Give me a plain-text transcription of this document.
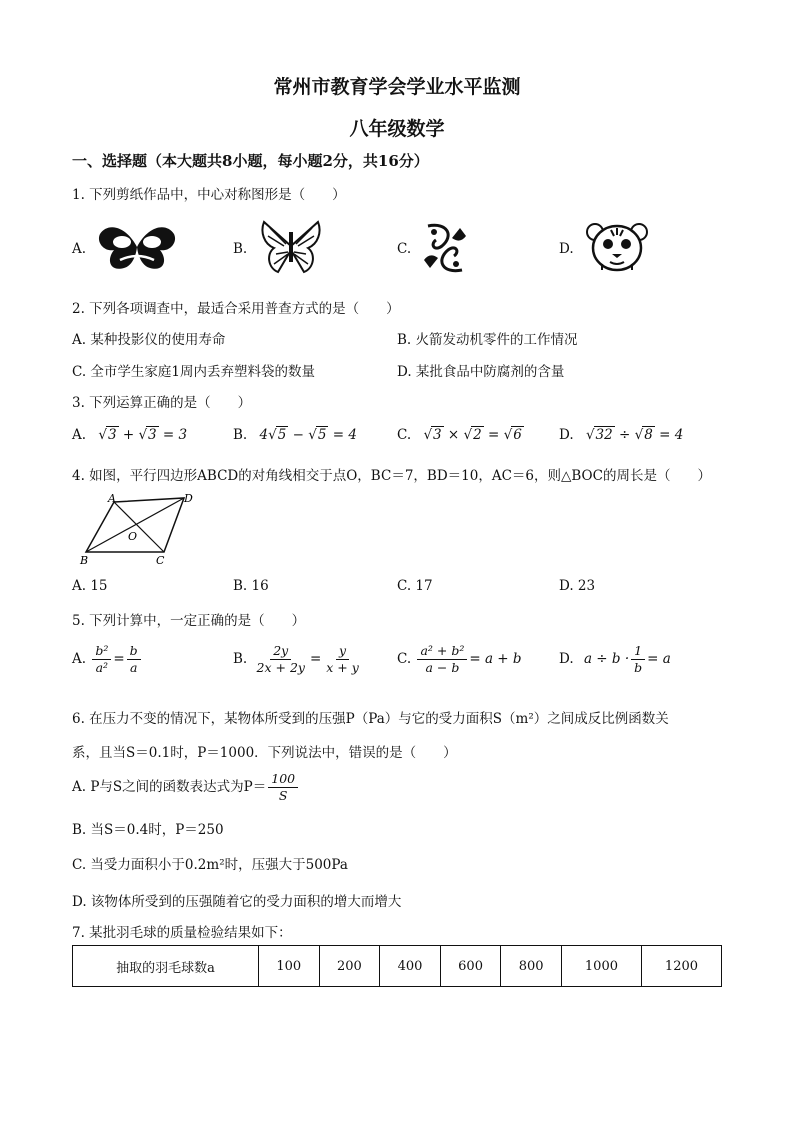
常州市教育学会学业水平监测
八年级数学
一、选择题（本大题共8小题，每小题2分，共16分）
1. 下列剪纸作品中，中心对称图形是（　　）
A.	B.	C.	D.
2. 下列各项调查中，最适合采用普查方式的是（　　）
A. 某种投影仪的使用寿命	B. 火箭发动机零件的工作情况
C. 全市学生家庭1周内丢弃塑料袋的数量	D. 某批食品中防腐剂的含量
3. 下列运算正确的是（　　）
A. √3 + √3 = 3	B. 4√5 − √5 = 4	C. √3 × √2 = √6	D. √32 ÷ √8 = 4
4. 如图，平行四边形ABCD的对角线相交于点O，BC＝7，BD＝10，AC＝6，则△BOC的周长是（　　）
A	D
O
B	C
A. 15	B. 16	C. 17	D. 23
5. 下列计算中，一定正确的是（　　）
A. $\frac{\text{b²}}{\text{a²}} = \frac{b}{a}$	B. $\frac{2y}{2x + 2y} = \frac{y}{x + y}$	C. $\frac{\text{a² + b²}}{a - b} = a + b$	D. $a \div b \cdot \frac{1}{b} = a$
6. 在压力不变的情况下，某物体所受到的压强P（Pa）与它的受力面积S（m²）之间成反比例函数关
系，且当S＝0.1时，P＝1000．下列说法中，错误的是（　　）
A. P与S之间的函数表达式为$P= \frac{100}{S}$
B. 当S＝0.4时，P＝250
C. 当受力面积小于0.2m²时，压强大于500Pa
D. 该物体所受到的压强随着它的受力面积的增大而增大
7. 某批羽毛球的质量检验结果如下：
抽取的羽毛球数a	100	200	400	600	800	1000	1200
